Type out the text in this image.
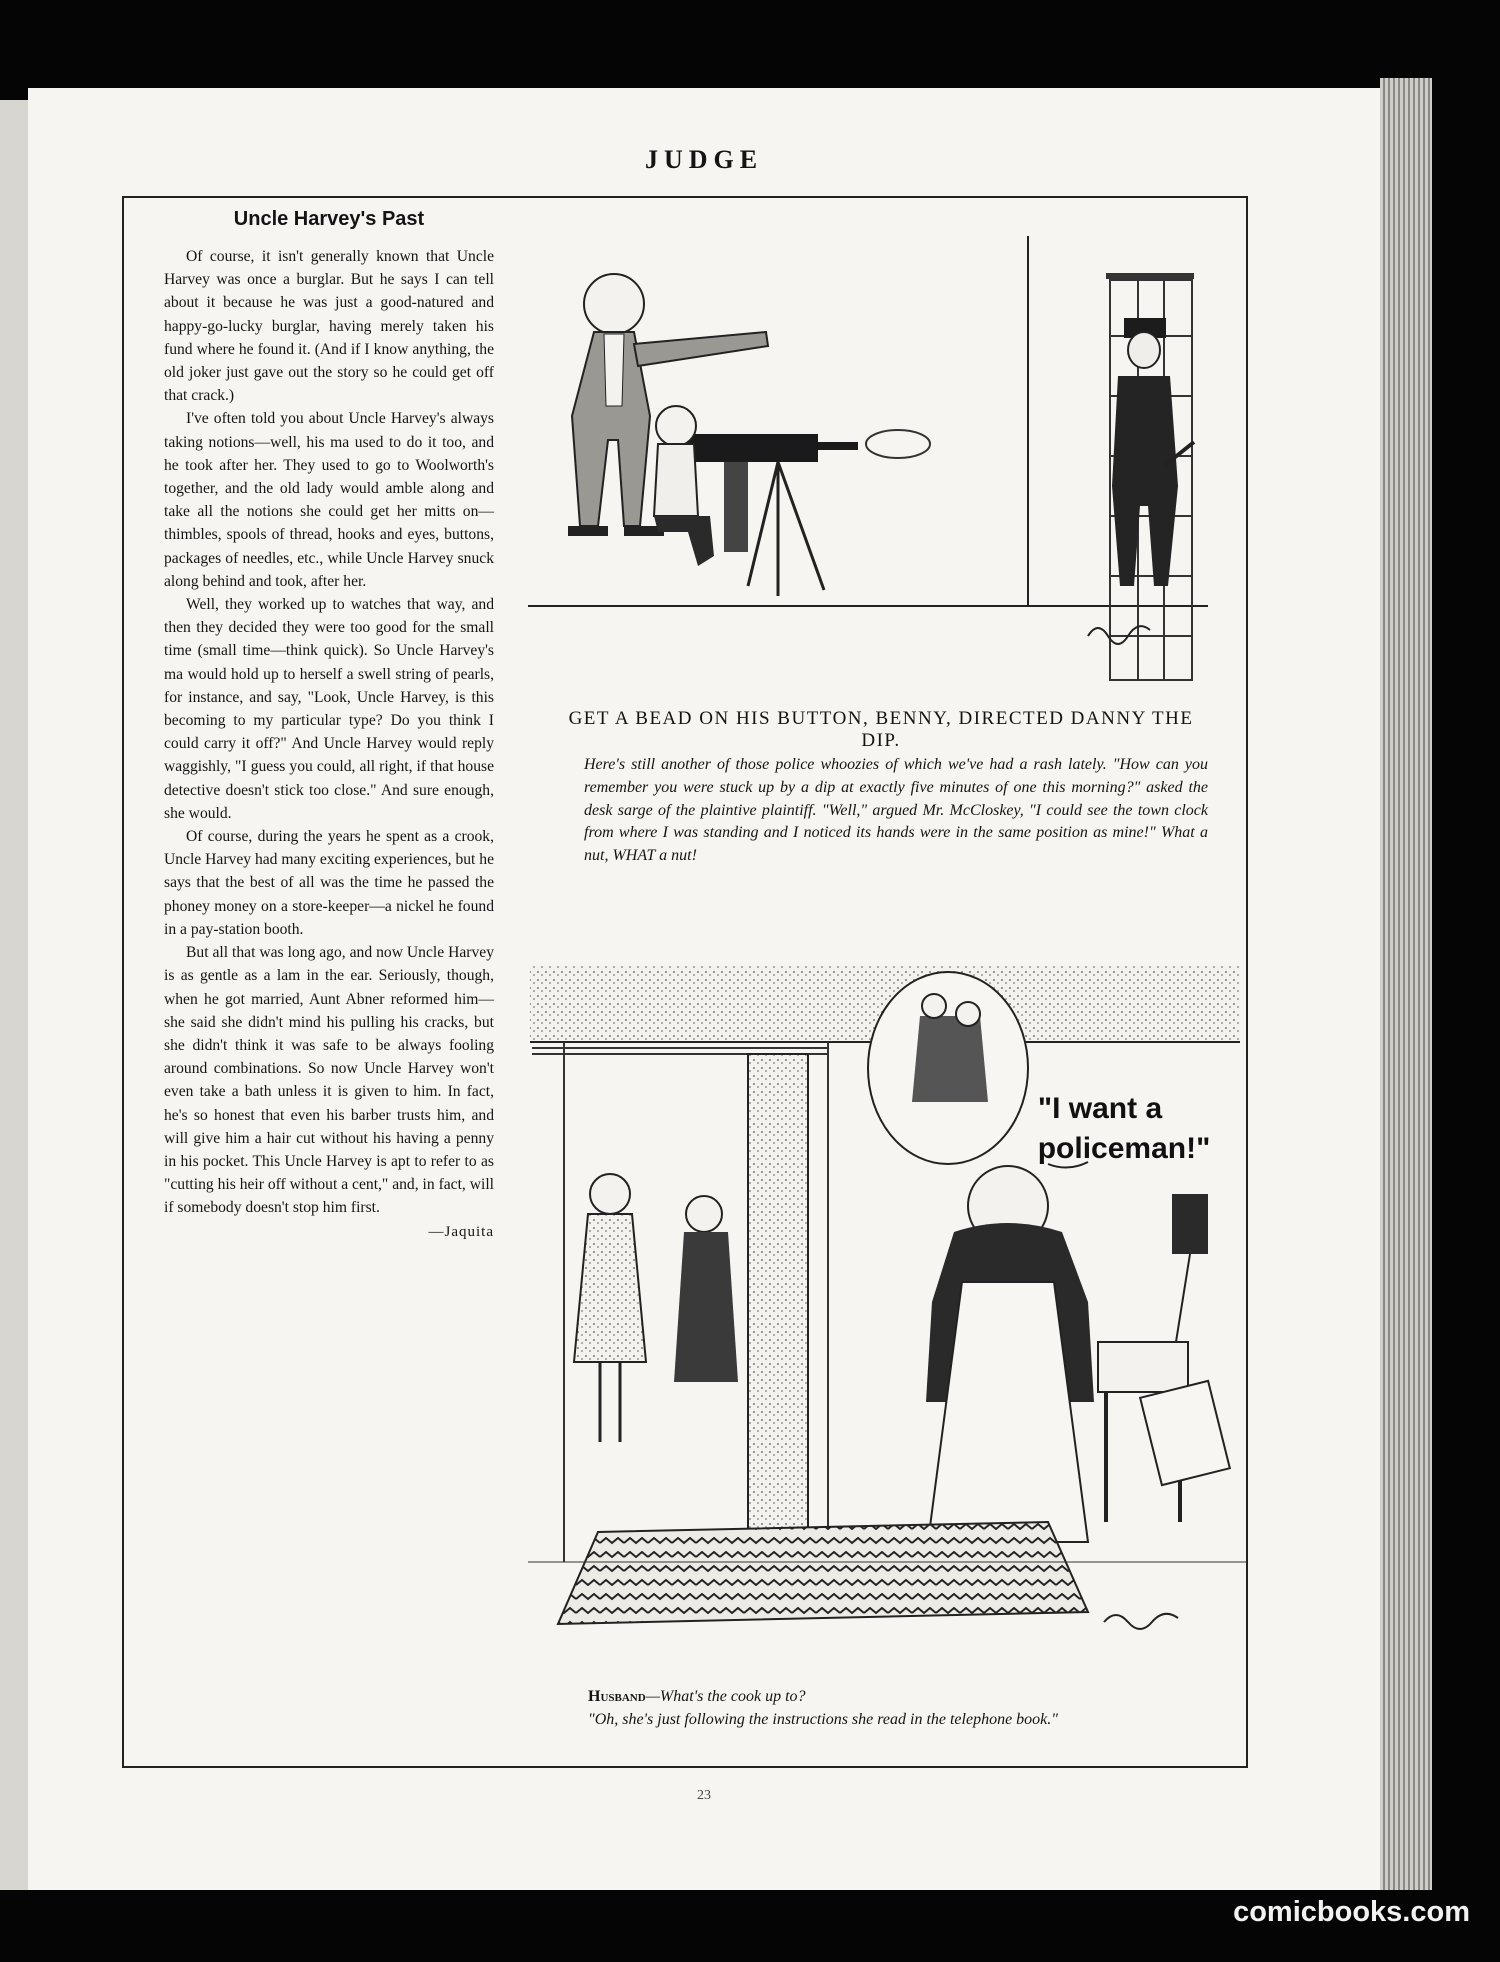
JUDGE
Uncle Harvey's Past

Of course, it isn't generally known that Uncle Harvey was once a burglar. But he says I can tell about it because he was just a good-natured and happy-go-lucky burglar, having merely taken his fund where he found it. (And if I know anything, the old joker just gave out the story so he could get off that crack.)

I've often told you about Uncle Harvey's always taking notions—well, his ma used to do it too, and he took after her. They used to go to Woolworth's together, and the old lady would amble along and take all the notions she could get her mitts on—thimbles, spools of thread, hooks and eyes, buttons, packages of needles, etc., while Uncle Harvey snuck along behind and took, after her.

Well, they worked up to watches that way, and then they decided they were too good for the small time (small time—think quick). So Uncle Harvey's ma would hold up to herself a swell string of pearls, for instance, and say, "Look, Uncle Harvey, is this becoming to my particular type? Do you think I could carry it off?" And Uncle Harvey would reply waggishly, "I guess you could, all right, if that house detective doesn't stick too close." And sure enough, she would.

Of course, during the years he spent as a crook, Uncle Harvey had many exciting experiences, but he says that the best of all was the time he passed the phoney money on a store-keeper—a nickel he found in a pay-station booth.

But all that was long ago, and now Uncle Harvey is as gentle as a lam in the ear. Seriously, though, when he got married, Aunt Abner reformed him—she said she didn't mind his pulling his cracks, but she didn't think it was safe to be always fooling around combinations. So now Uncle Harvey won't even take a bath unless it is given to him. In fact, he's so honest that even his barber trusts him, and will give him a hair cut without his having a penny in his pocket. This Uncle Harvey is apt to refer to as "cutting his heir off without a cent," and, in fact, will if somebody doesn't stop him first.

—Jaquita

GET A BEAD ON HIS BUTTON, BENNY, DIRECTED DANNY THE DIP.

Here's still another of those police whoozies of which we've had a rash lately. "How can you remember you were stuck up by a dip at exactly five minutes of one this morning?" asked the desk sarge of the plaintive plaintiff. "Well," argued Mr. McCloskey, "I could see the town clock from where I was standing and I noticed its hands were in the same position as mine!" What a nut, WHAT a nut!

"I want a
policeman!"

Husband—What's the cook up to?
"Oh, she's just following the instructions she read in the telephone book."

23
comicbooks.com
